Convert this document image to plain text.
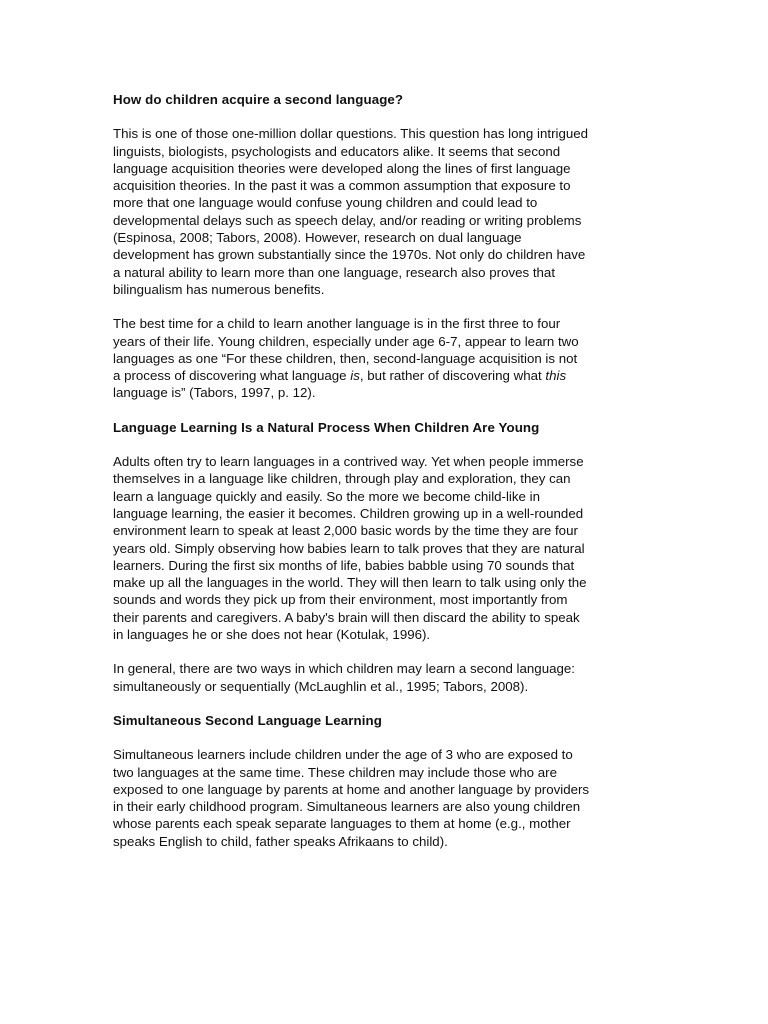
How do children acquire a second language?

This is one of those one-million dollar questions. This question has long intrigued
linguists, biologists, psychologists and educators alike. It seems that second
language acquisition theories were developed along the lines of first language
acquisition theories. In the past it was a common assumption that exposure to
more that one language would confuse young children and could lead to
developmental delays such as speech delay, and/or reading or writing problems
(Espinosa, 2008; Tabors, 2008). However, research on dual language
development has grown substantially since the 1970s. Not only do children have
a natural ability to learn more than one language, research also proves that
bilingualism has numerous benefits.

The best time for a child to learn another language is in the first three to four
years of their life. Young children, especially under age 6-7, appear to learn two
languages as one “For these children, then, second-language acquisition is not
a process of discovering what language is, but rather of discovering what this
language is” (Tabors, 1997, p. 12).

Language Learning Is a Natural Process When Children Are Young

Adults often try to learn languages in a contrived way. Yet when people immerse
themselves in a language like children, through play and exploration, they can
learn a language quickly and easily. So the more we become child-like in
language learning, the easier it becomes. Children growing up in a well-rounded
environment learn to speak at least 2,000 basic words by the time they are four
years old. Simply observing how babies learn to talk proves that they are natural
learners. During the first six months of life, babies babble using 70 sounds that
make up all the languages in the world. They will then learn to talk using only the
sounds and words they pick up from their environment, most importantly from
their parents and caregivers. A baby's brain will then discard the ability to speak
in languages he or she does not hear (Kotulak, 1996).

In general, there are two ways in which children may learn a second language:
simultaneously or sequentially (McLaughlin et al., 1995; Tabors, 2008).

Simultaneous Second Language Learning

Simultaneous learners include children under the age of 3 who are exposed to
two languages at the same time. These children may include those who are
exposed to one language by parents at home and another language by providers
in their early childhood program. Simultaneous learners are also young children
whose parents each speak separate languages to them at home (e.g., mother
speaks English to child, father speaks Afrikaans to child).
